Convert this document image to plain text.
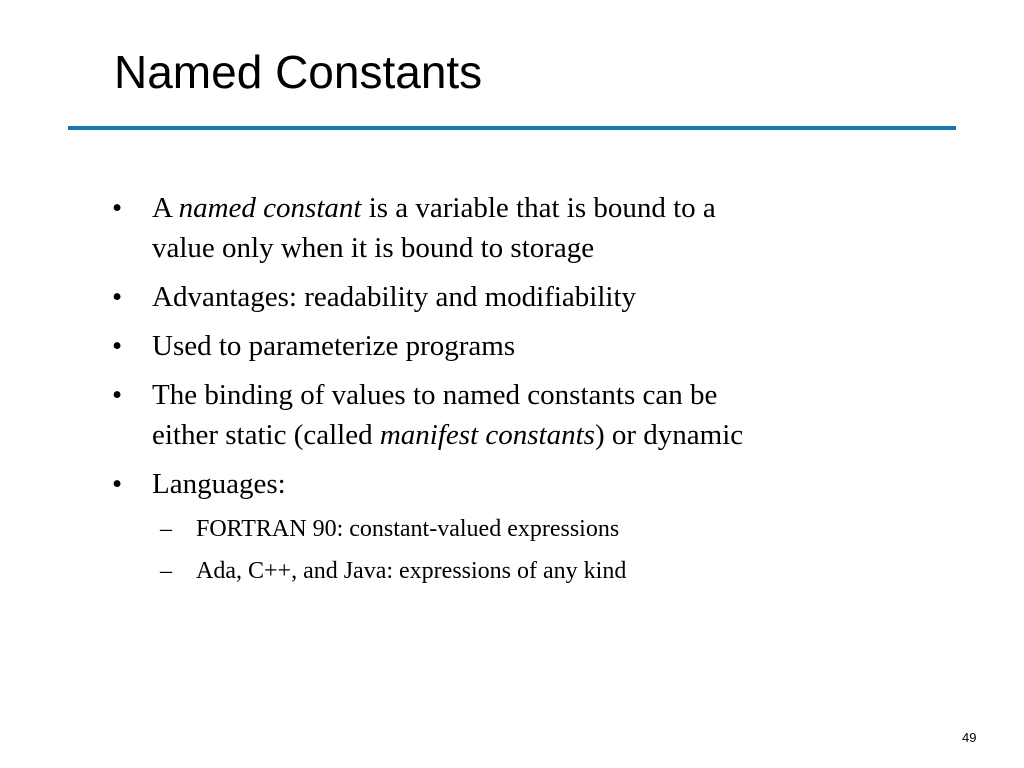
Named Constants
•	A named constant is a variable that is bound to a
value only when it is bound to storage
•	Advantages: readability and modifiability
•	Used to parameterize programs
•	The binding of values to named constants can be
either static (called manifest constants) or dynamic
•	Languages:
–	FORTRAN 90: constant-valued expressions
–	Ada, C++, and Java: expressions of any kind
49
